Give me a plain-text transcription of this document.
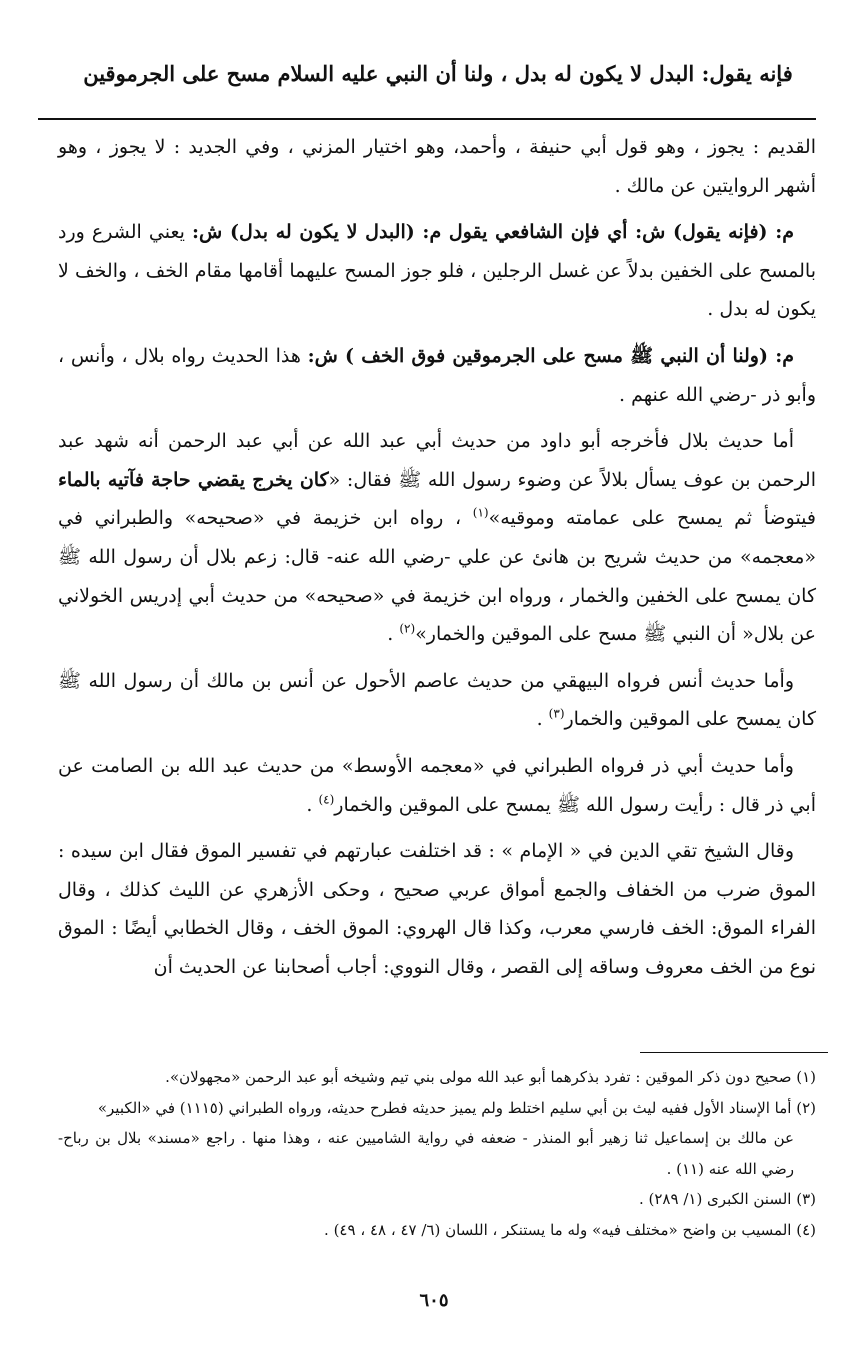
فإنه يقول: البدل لا يكون له بدل ، ولنا أن النبي عليه السلام مسح على الجرموقين

القديم : يجوز ، وهو قول أبي حنيفة ، وأحمد، وهو اختيار المزني ، وفي الجديد : لا يجوز ، وهو أشهر الروايتين عن مالك .

م: (فإنه يقول) ش: أي فإن الشافعي يقول م: (البدل لا يكون له بدل) ش: يعني الشرع ورد بالمسح على الخفين بدلاً عن غسل الرجلين ، فلو جوز المسح عليهما أقامها مقام الخف ، والخف لا يكون له بدل .

م: (ولنا أن النبي ﷺ مسح على الجرموقين فوق الخف ) ش: هذا الحديث رواه بلال ، وأنس ، وأبو ذر -رضي الله عنهم .

أما حديث بلال فأخرجه أبو داود من حديث أبي عبد الله عن أبي عبد الرحمن أنه شهد عبد الرحمن بن عوف يسأل بلالاً عن وضوء رسول الله ﷺ فقال: «كان يخرج يقضي حاجة فآتيه بالماء فيتوضأ ثم يمسح على عمامته وموقيه»$^{(١)}$ ، رواه ابن خزيمة في «صحيحه» والطبراني في «معجمه» من حديث شريح بن هانئ عن علي -رضي الله عنه- قال: زعم بلال أن رسول الله ﷺ كان يمسح على الخفين والخمار ، ورواه ابن خزيمة في «صحيحه» من حديث أبي إدريس الخولاني عن بلال« أن النبي ﷺ مسح على الموقين والخمار»$^{(٢)}$ .

وأما حديث أنس فرواه البيهقي من حديث عاصم الأحول عن أنس بن مالك أن رسول الله ﷺ كان يمسح على الموقين والخمار$^{(٣)}$ .

وأما حديث أبي ذر فرواه الطبراني في «معجمه الأوسط» من حديث عبد الله بن الصامت عن أبي ذر قال : رأيت رسول الله ﷺ يمسح على الموقين والخمار$^{(٤)}$ .

وقال الشيخ تقي الدين في « الإمام » : قد اختلفت عبارتهم في تفسير الموق فقال ابن سيده : الموق ضرب من الخفاف والجمع أمواق عربي صحيح ، وحكى الأزهري عن الليث كذلك ، وقال الفراء الموق: الخف فارسي معرب، وكذا قال الهروي: الموق الخف ، وقال الخطابي أيضًا : الموق نوع من الخف معروف وساقه إلى القصر ، وقال النووي: أجاب أصحابنا عن الحديث أن

(١) صحيح دون ذكر الموقين : تفرد بذكرهما أبو عبد الله مولى بني تيم وشيخه أبو عبد الرحمن «مجهولان».

(٢) أما الإسناد الأول ففيه ليث بن أبي سليم اختلط ولم يميز حديثه فطرح حديثه، ورواه الطبراني (١١١٥) في «الكبير»

عن مالك بن إسماعيل ثنا زهير أبو المنذر - ضعفه في رواية الشاميين عنه ، وهذا منها . راجع «مسند» بلال بن رباح- رضي الله عنه (١١) .

(٣) السنن الكبرى (١/ ٢٨٩) .

(٤) المسيب بن واضح «مختلف فيه» وله ما يستنكر ، اللسان (٦/ ٤٧ ، ٤٨ ، ٤٩) .

٦٠٥
